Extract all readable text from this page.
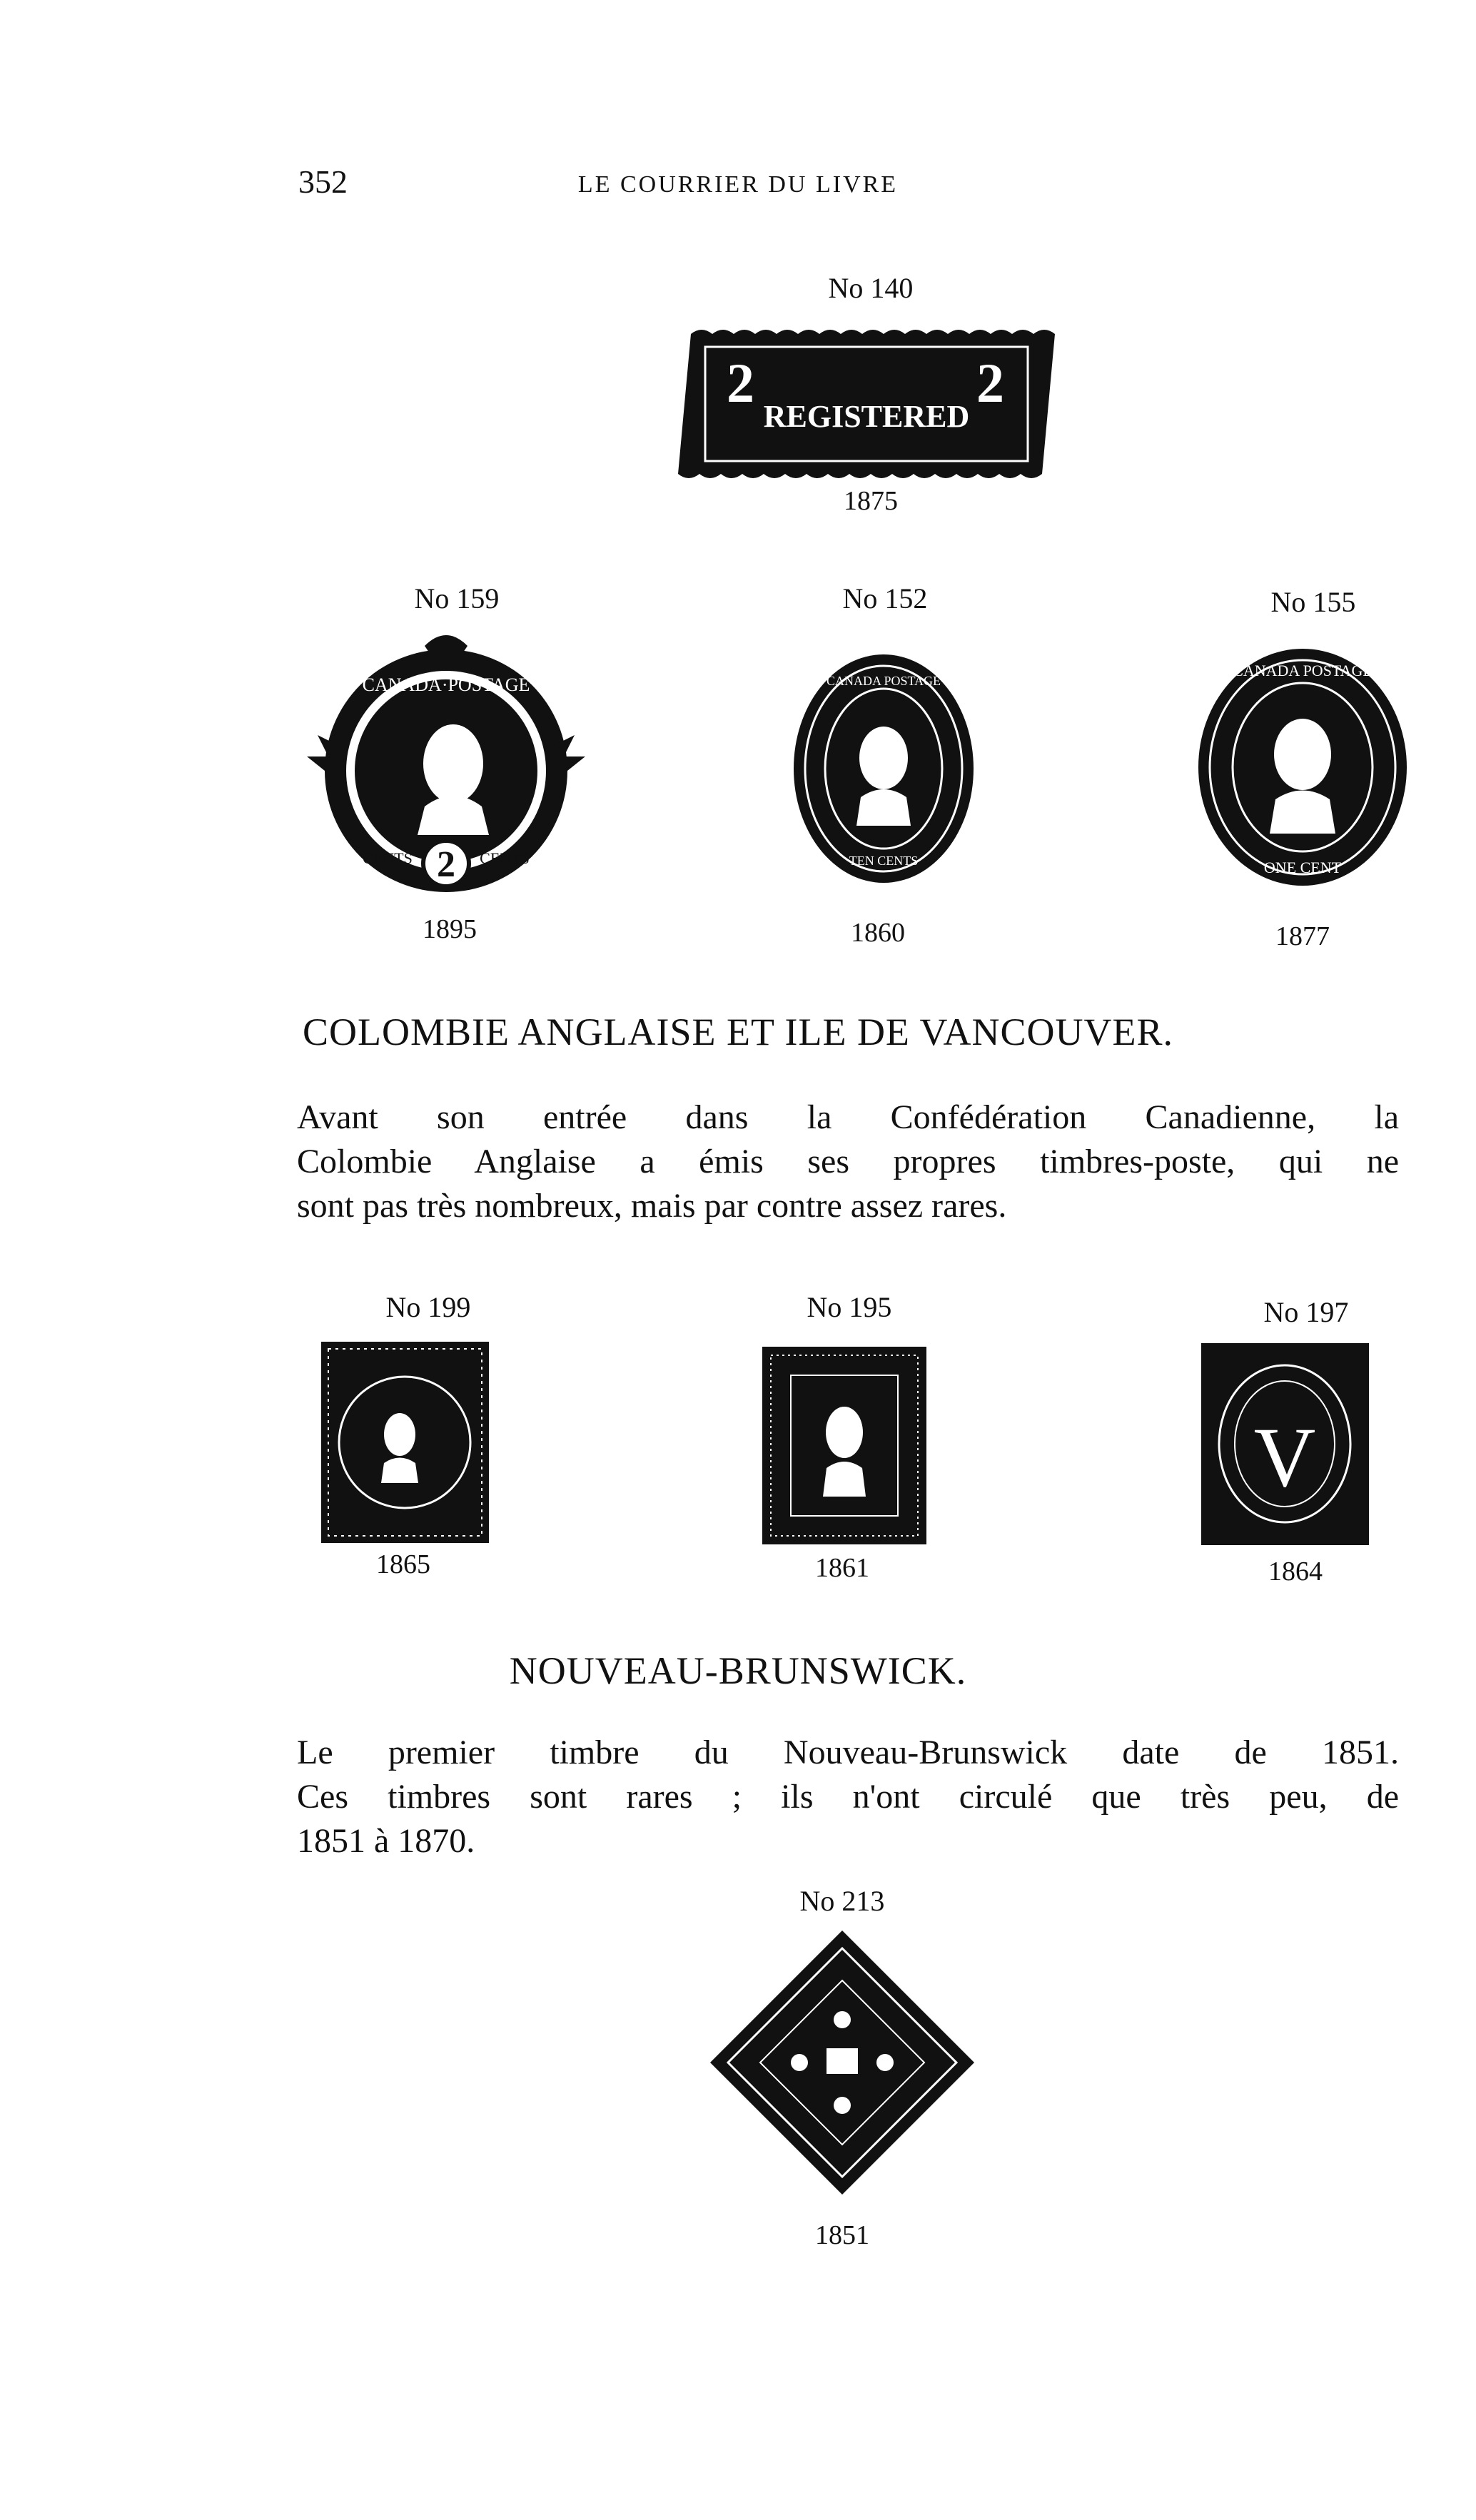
352	LE COURRIER DU LIVRE
No 140
2	2
REGISTERED
1875
No 159	No 152	No 155
2
CANADA·POSTAGE
CENTS	CENTS
CANADA POSTAGE
TEN CENTS
CANADA POSTAGE
ONE CENT
1895	1860	1877
COLOMBIE ANGLAISE ET ILE DE VANCOUVER.
Avant son entrée dans la Confédération Canadienne, la
Colombie Anglaise a émis ses propres timbres-poste, qui ne
sont pas très nombreux, mais par contre assez rares.
No 199	No 195	No 197
V
1865	1861	1864
NOUVEAU-BRUNSWICK.
Le premier timbre du Nouveau-Brunswick date de 1851.
Ces timbres sont rares ; ils n'ont circulé que très peu, de
1851 à 1870.
No 213
1851
